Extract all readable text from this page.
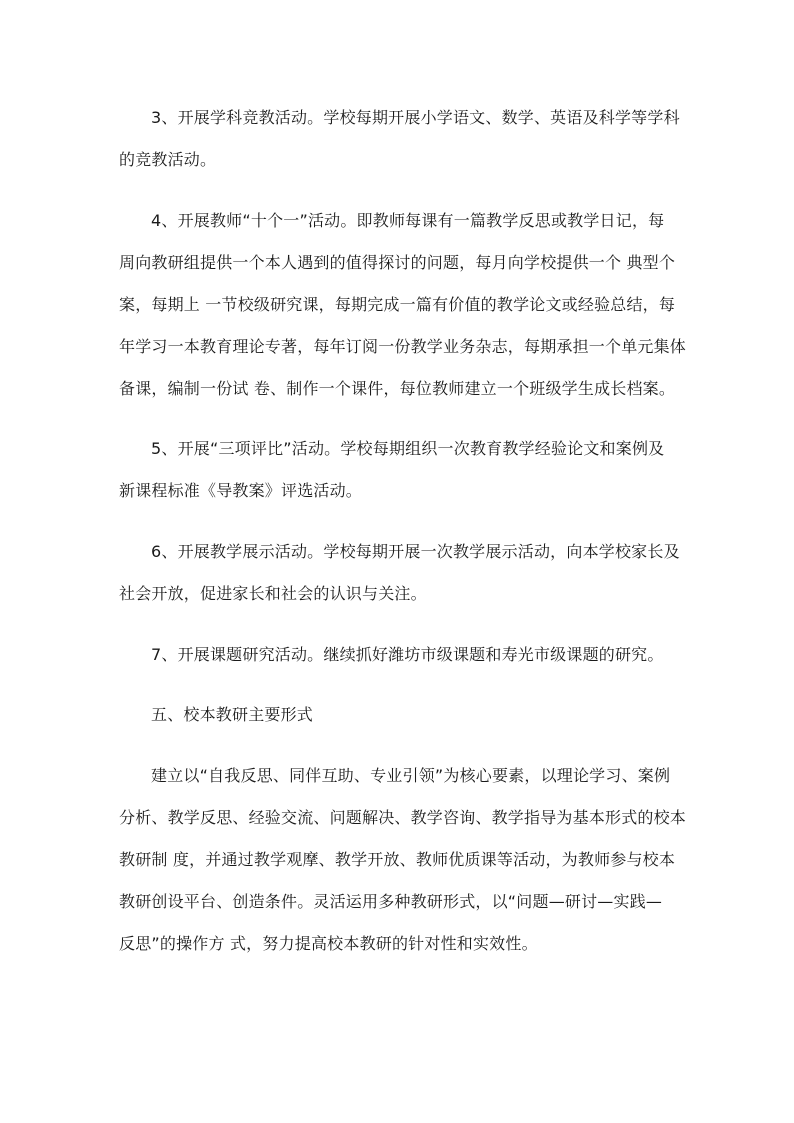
3、开展学科竞教活动。学校每期开展小学语文、数学、英语及科学等学科
的竞教活动。
4、开展教师“十个一”活动。即教师每课有一篇教学反思或教学日记，每
周向教研组提供一个本人遇到的值得探讨的问题，每月向学校提供一个 典型个
案，每期上 一节校级研究课，每期完成一篇有价值的教学论文或经验总结，每
年学习一本教育理论专著，每年订阅一份教学业务杂志，每期承担一个单元集体
备课，编制一份试 卷、制作一个课件，每位教师建立一个班级学生成长档案。
5、开展“三项评比”活动。学校每期组织一次教育教学经验论文和案例及
新课程标准《导教案》评选活动。
6、开展教学展示活动。学校每期开展一次教学展示活动，向本学校家长及
社会开放，促进家长和社会的认识与关注。
7、开展课题研究活动。继续抓好潍坊市级课题和寿光市级课题的研究。
五、校本教研主要形式
建立以“自我反思、同伴互助、专业引领”为核心要素，以理论学习、案例
分析、教学反思、经验交流、问题解决、教学咨询、教学指导为基本形式的校本
教研制 度，并通过教学观摩、教学开放、教师优质课等活动，为教师参与校本
教研创设平台、创造条件。灵活运用多种教研形式，以“问题—研讨—实践—
反思”的操作方 式，努力提高校本教研的针对性和实效性。
